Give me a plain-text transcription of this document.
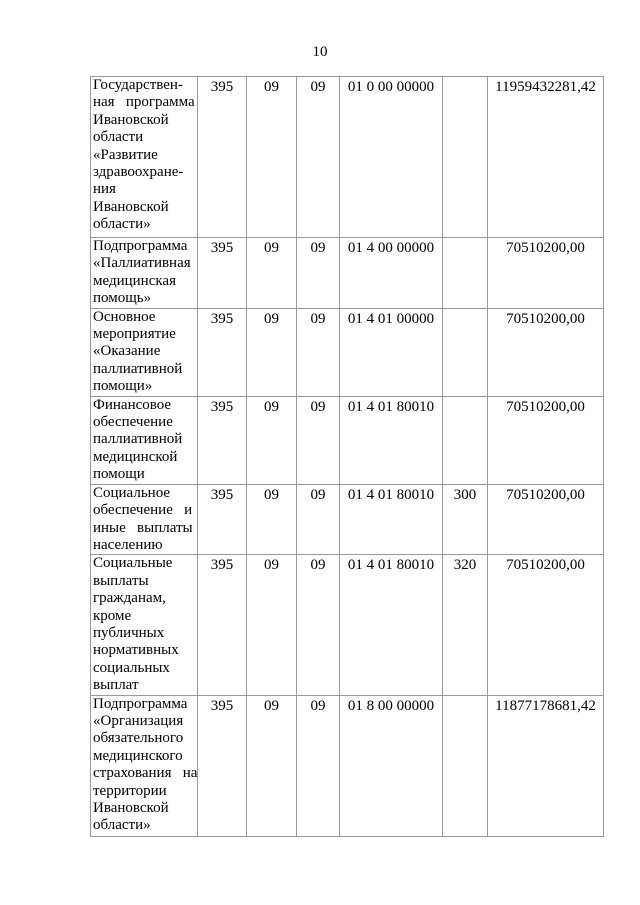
10
Государствен-
ная   программа
Ивановской
области
«Развитие
здравоохране-
ния
Ивановской
области»

395	09	09	01 0 00 00000		11959432281,42

Подпрограмма
«Паллиативная
медицинская
помощь»	395	09	09	01 4 00 00000		70510200,00

Основное
мероприятие
«Оказание
паллиативной
помощи»	395	09	09	01 4 01 00000		70510200,00

Финансовое
обеспечение
паллиативной
медицинской
помощи	395	09	09	01 4 01 80010		70510200,00

Социальное
обеспечение   и
иные   выплаты
населению	395	09	09	01 4 01 80010	300	70510200,00

Социальные
выплаты
гражданам,
кроме
публичных
нормативных
социальных
выплат

395	09	09	01 4 01 80010	320	70510200,00

Подпрограмма
«Организация
обязательного
медицинского
страхования   на
территории
Ивановской
области»

395	09	09	01 8 00 00000		11877178681,42
